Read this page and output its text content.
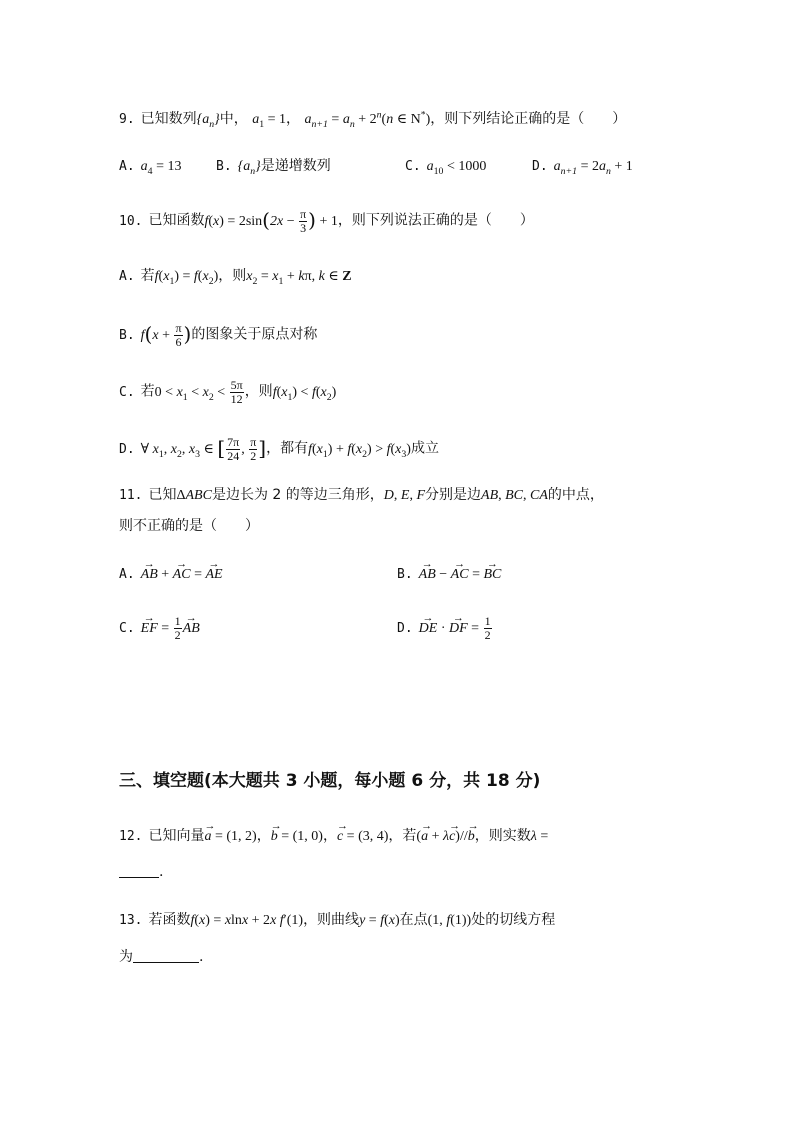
9. 已知数列$\{a_n\}$中， $a_1 = 1$， $a_{n+1} = a_n + 2^n(n$ ∈ N*)，则下列结论正确的是（　　）
A. $a_4 = 13$	B. $\{a_n\}$是递增数列	C. $a_{10} < 1000$	D. $a_{n+1} = 2a_n + 1$
10. 已知函数$f(x) = 2\sin(2x - \frac{\pi}{3}$ ) + 1，则下列说法正确的是（　　）
A. 若$f(x_1) = f(x_2)$，则$x_2 = x_1 + k\pi$, k ∈ Z
B. $f(x + \frac{\pi}{6}$ )的图象关于原点对称
C. 若$0 < x_1 < x_2 < \frac{5\pi}{12}$ ，则$f(x_1) < f(x_2)$
D. ∀ $x_1$, $x_2$, $x_3$ ∈ [ $\frac{7\pi}{24}$ , $\frac{\pi}{2}$ ]，都有$f(x_1) + f(x_2) > f(x_3)$成立
11. 已知ΔABC是边长为 2 的等边三角形，D, E, F分别是边AB, BC, CA的中点，
则不正确的是（　　）
A. → AB + → AC = → AE	B. → AB − → AC = → BC
C. → EF = $\frac{1}{2}$ → AB	D. → DE · → DF = $\frac{1}{2}$
三、填空题(本大题共 3 小题，每小题 6 分，共 18 分)
12. 已知向量→ a = (1, 2)，→ b = (1, 0)，→ c = (3, 4)，若(→ a + λ→ c)//→ b，则实数λ =
.
13. 若函数f(x) = xlnx + 2x f′(1)，则曲线y = f(x)在点(1, f(1))处的切线方程
为	.
